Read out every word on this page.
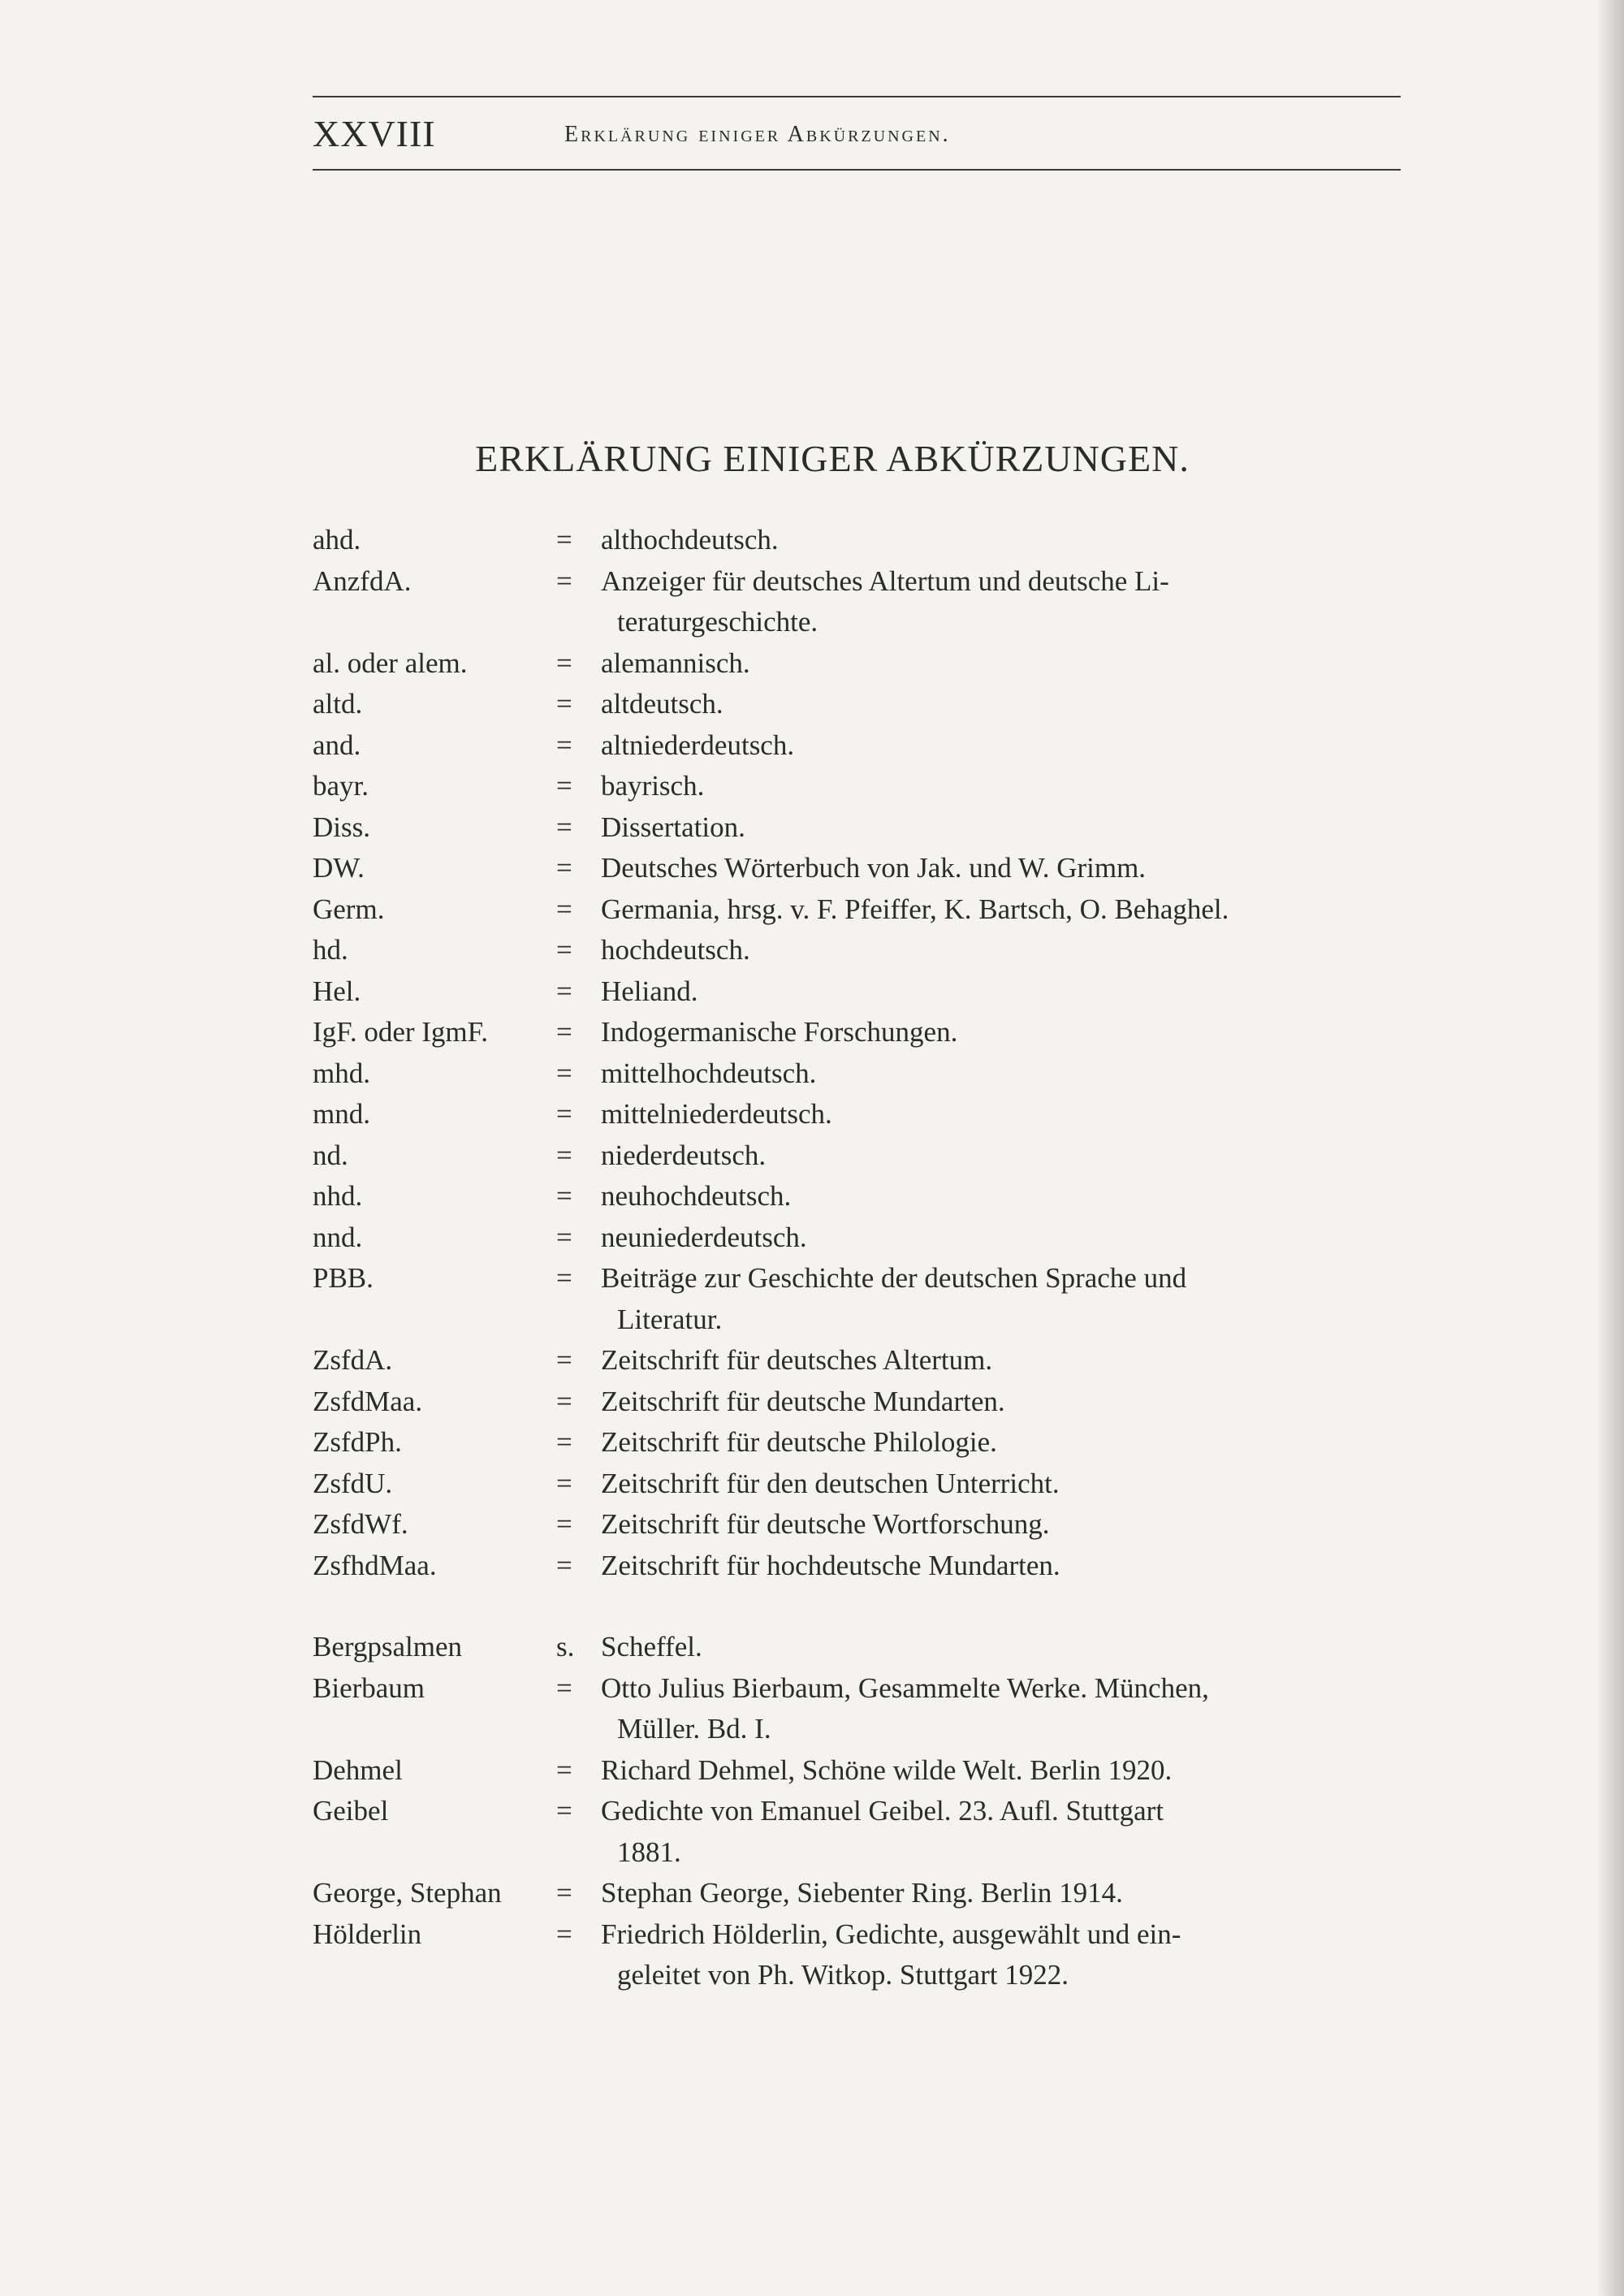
XXVIII	Erklärung einiger Abkürzungen.
ERKLÄRUNG EINIGER ABKÜRZUNGEN.
ahd.	=	althochdeutsch.
AnzfdA.	=	Anzeiger für deutsches Altertum und deutsche Li-
teraturgeschichte.
al. oder alem.	=	alemannisch.
altd.	=	altdeutsch.
and.	=	altniederdeutsch.
bayr.	=	bayrisch.
Diss.	=	Dissertation.
DW.	=	Deutsches Wörterbuch von Jak. und W. Grimm.
Germ.	=	Germania, hrsg. v. F. Pfeiffer, K. Bartsch, O. Behaghel.
hd.	=	hochdeutsch.
Hel.	=	Heliand.
IgF. oder IgmF.	=	Indogermanische Forschungen.
mhd.	=	mittelhochdeutsch.
mnd.	=	mittelniederdeutsch.
nd.	=	niederdeutsch.
nhd.	=	neuhochdeutsch.
nnd.	=	neuniederdeutsch.
PBB.	=	Beiträge zur Geschichte der deutschen Sprache und
Literatur.
ZsfdA.	=	Zeitschrift für deutsches Altertum.
ZsfdMaa.	=	Zeitschrift für deutsche Mundarten.
ZsfdPh.	=	Zeitschrift für deutsche Philologie.
ZsfdU.	=	Zeitschrift für den deutschen Unterricht.
ZsfdWf.	=	Zeitschrift für deutsche Wortforschung.
ZsfhdMaa.	=	Zeitschrift für hochdeutsche Mundarten.
Bergpsalmen	s. Scheffel.
Bierbaum	=	Otto Julius Bierbaum, Gesammelte Werke. München,
Müller. Bd. I.
Dehmel	=	Richard Dehmel, Schöne wilde Welt. Berlin 1920.
Geibel	=	Gedichte von Emanuel Geibel. 23. Aufl. Stuttgart
1881.
George, Stephan	=	Stephan George, Siebenter Ring. Berlin 1914.
Hölderlin	=	Friedrich Hölderlin, Gedichte, ausgewählt und ein-
geleitet von Ph. Witkop. Stuttgart 1922.
